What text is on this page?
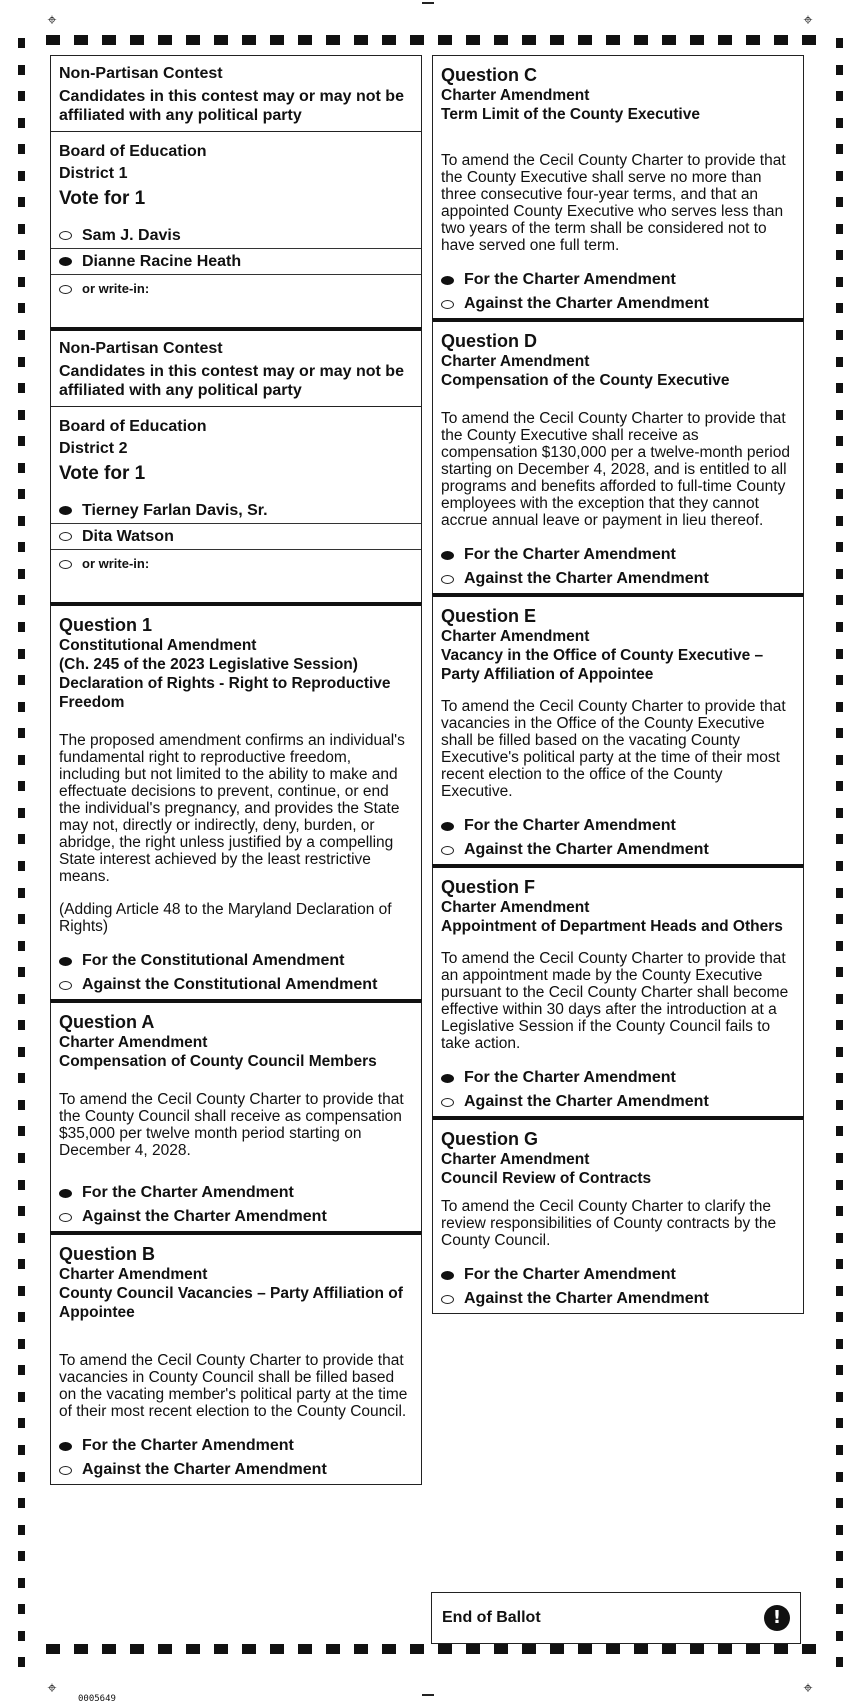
⌖	⌖
⌖	⌖
0005649
Non-Partisan Contest
Candidates in this contest may or may not be affiliated with any political party
Board of Education
District 1
Vote for 1
Sam J. Davis
Dianne Racine Heath
or write-in:
Non-Partisan Contest
Candidates in this contest may or may not be affiliated with any political party
Board of Education
District 2
Vote for 1
Tierney Farlan Davis, Sr.
Dita Watson
or write-in:
Question 1
Constitutional Amendment
(Ch. 245 of the 2023 Legislative Session)
Declaration of Rights - Right to Reproductive Freedom
The proposed amendment confirms an individual's fundamental right to reproductive freedom, including but not limited to the ability to make and effectuate decisions to prevent, continue, or end the individual's pregnancy, and provides the State may not, directly or indirectly, deny, burden, or abridge, the right unless justified by a compelling State interest achieved by the least restrictive means.
(Adding Article 48 to the Maryland Declaration of Rights)
For the Constitutional Amendment
Against the Constitutional Amendment
Question A
Charter Amendment
Compensation of County Council Members
To amend the Cecil County Charter to provide that the County Council shall receive as compensation $35,000 per twelve month period starting on December 4, 2028.
For the Charter Amendment
Against the Charter Amendment
Question B
Charter Amendment
County Council Vacancies – Party Affiliation of Appointee
To amend the Cecil County Charter to provide that vacancies in County Council shall be filled based on the vacating member's political party at the time of their most recent election to the County Council.
For the Charter Amendment
Against the Charter Amendment
Question C
Charter Amendment
Term Limit of the County Executive
To amend the Cecil County Charter to provide that the County Executive shall serve no more than three consecutive four-year terms, and that an appointed County Executive who serves less than two years of the term shall be considered not to have served one full term.
For the Charter Amendment
Against the Charter Amendment
Question D
Charter Amendment
Compensation of the County Executive
To amend the Cecil County Charter to provide that the County Executive shall receive as compensation $130,000 per a twelve-month period starting on December 4, 2028, and is entitled to all programs and benefits afforded to full-time County employees with the exception that they cannot accrue annual leave or payment in lieu thereof.
For the Charter Amendment
Against the Charter Amendment
Question E
Charter Amendment
Vacancy in the Office of County Executive – Party Affiliation of Appointee
To amend the Cecil County Charter to provide that vacancies in the Office of the County Executive shall be filled based on the vacating County Executive's political party at the time of their most recent election to the office of the County Executive.
For the Charter Amendment
Against the Charter Amendment
Question F
Charter Amendment
Appointment of Department Heads and Others
To amend the Cecil County Charter to provide that an appointment made by the County Executive pursuant to the Cecil County Charter shall become effective within 30 days after the introduction at a Legislative Session if the County Council fails to take action.
For the Charter Amendment
Against the Charter Amendment
Question G
Charter Amendment
Council Review of Contracts
To amend the Cecil County Charter to clarify the review responsibilities of County contracts by the County Council.
For the Charter Amendment
Against the Charter Amendment
End of Ballot	!
